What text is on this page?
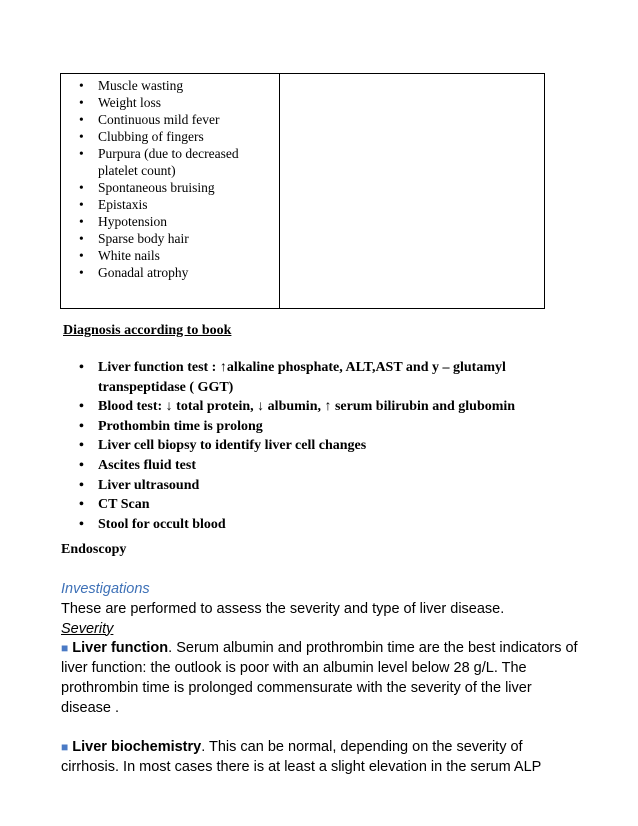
• Muscle wasting
• Weight loss
• Continuous mild fever
• Clubbing of fingers
• Purpura (due to decreased platelet count)
• Spontaneous bruising
• Epistaxis
• Hypotension
• Sparse body hair
• White nails
• Gonadal atrophy
Diagnosis according to book
• Liver function test : ↑alkaline phosphate, ALT,AST and y – glutamyl transpeptidase ( GGT)
• Blood test: ↓ total protein, ↓ albumin, ↑ serum bilirubin and glubomin
• Prothombin time is prolong
• Liver cell biopsy to identify liver cell changes
• Ascites fluid test
• Liver ultrasound
• CT Scan
• Stool for occult blood
Endoscopy

Investigations

These are performed to assess the severity and type of liver disease.

Severity

■ Liver function. Serum albumin and prothrombin time are the best indicators of liver function: the outlook is poor with an albumin level below 28 g/L. The prothrombin time is prolonged commensurate with the severity of the liver disease .

■ Liver biochemistry. This can be normal, depending on the severity of cirrhosis. In most cases there is at least a slight elevation in the serum ALP
